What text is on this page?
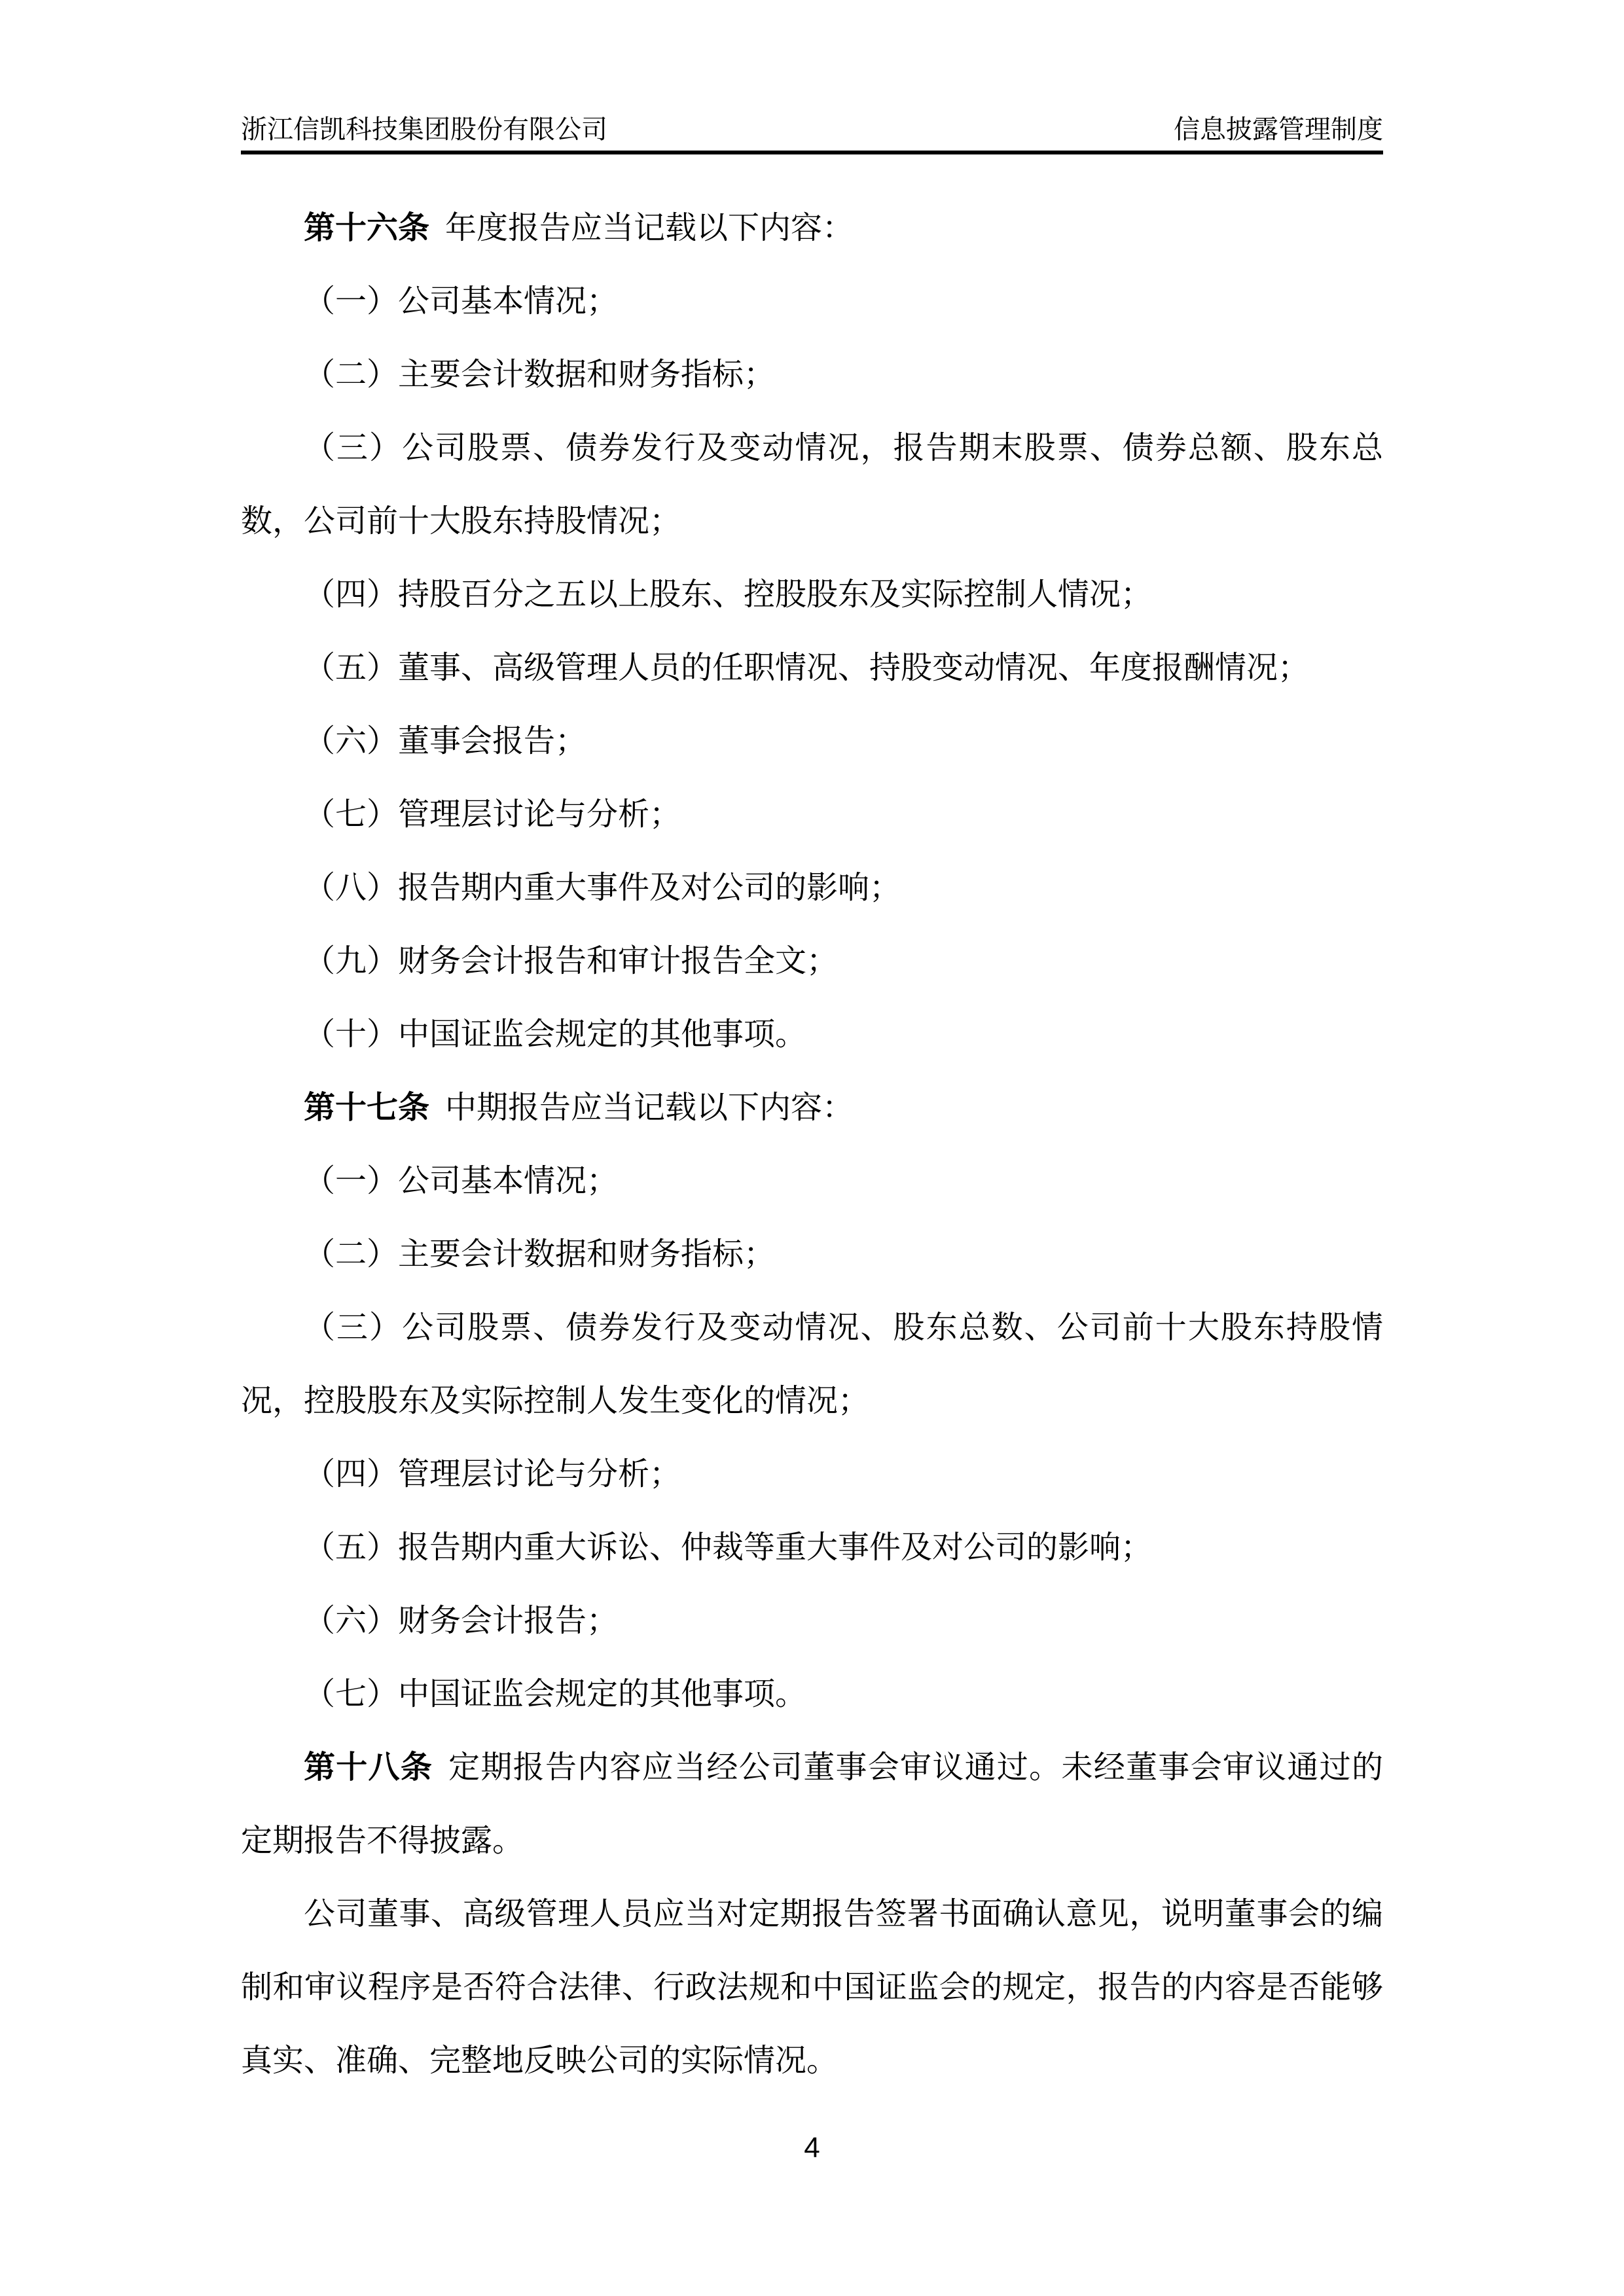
浙江信凯科技集团股份有限公司	信息披露管理制度

第十六条 年度报告应当记载以下内容：

（一）公司基本情况；

（二）主要会计数据和财务指标；

（三）公司股票、债券发行及变动情况，报告期末股票、债券总额、股东总数，公司前十大股东持股情况；

（四）持股百分之五以上股东、控股股东及实际控制人情况；

（五）董事、高级管理人员的任职情况、持股变动情况、年度报酬情况；

（六）董事会报告；

（七）管理层讨论与分析；

（八）报告期内重大事件及对公司的影响；

（九）财务会计报告和审计报告全文；

（十）中国证监会规定的其他事项。

第十七条 中期报告应当记载以下内容：

（一）公司基本情况；

（二）主要会计数据和财务指标；

（三）公司股票、债券发行及变动情况、股东总数、公司前十大股东持股情况，控股股东及实际控制人发生变化的情况；

（四）管理层讨论与分析；

（五）报告期内重大诉讼、仲裁等重大事件及对公司的影响；

（六）财务会计报告；

（七）中国证监会规定的其他事项。

第十八条 定期报告内容应当经公司董事会审议通过。未经董事会审议通过的定期报告不得披露。

公司董事、高级管理人员应当对定期报告签署书面确认意见，说明董事会的编制和审议程序是否符合法律、行政法规和中国证监会的规定，报告的内容是否能够真实、准确、完整地反映公司的实际情况。

4
